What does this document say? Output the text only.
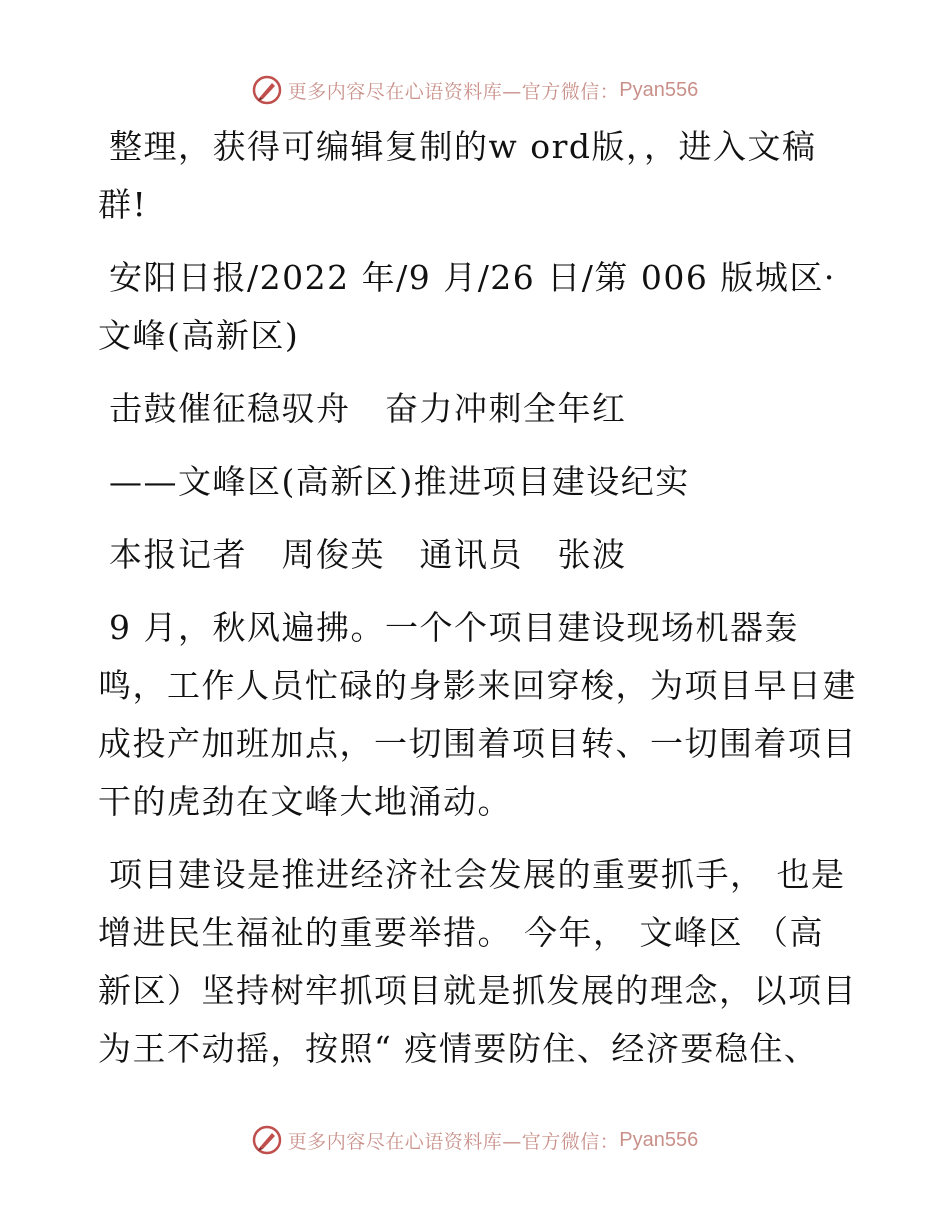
更多内容尽在心语资料库—官方微信： Pyan556

整理，获得可编辑复制的w ord版，，进入文稿群!

安阳日报/2022 年/9 月/26 日/第 006 版城区·文峰(高新区)

击鼓催征稳驭舟　奋力冲刺全年红

——文峰区(高新区)推进项目建设纪实

本报记者　周俊英　通讯员　张波

9 月，秋风遍拂。一个个项目建设现场机器轰鸣，工作人员忙碌的身影来回穿梭，为项目早日建成投产加班加点，一切围着项目转、一切围着项目干的虎劲在文峰大地涌动。

项目建设是推进经济社会发展的重要抓手， 也是增进民生福祉的重要举措。 今年， 文峰区 （高新区）坚持树牢抓项目就是抓发展的理念，以项目为王不动摇，按照“ 疫情要防住、经济要稳住、

更多内容尽在心语资料库—官方微信： Pyan556
